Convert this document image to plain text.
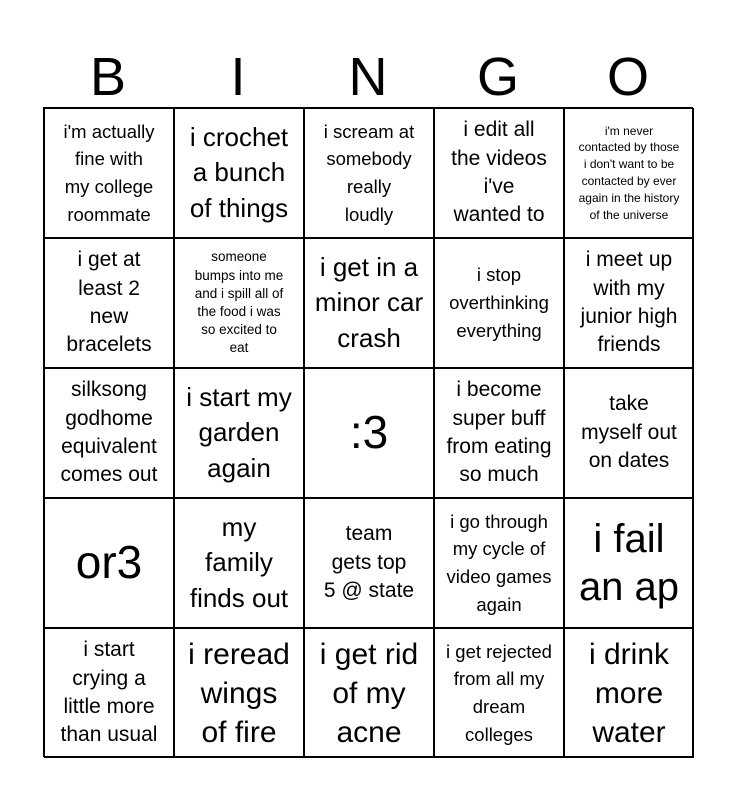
B	I	N	G	O
i'm actually
fine with
my college
roommate
i crochet
a bunch
of things
i scream at
somebody
really
loudly
i edit all
the videos
i've
wanted to
i'm never
contacted by those
i don't want to be
contacted by ever
again in the history
of the universe
i get at
least 2
new
bracelets
someone
bumps into me
and i spill all of
the food i was
so excited to
eat
i get in a
minor car
crash
i stop
overthinking
everything
i meet up
with my
junior high
friends
silksong
godhome
equivalent
comes out
i start my
garden
again
:3
i become
super buff
from eating
so much
take
myself out
on dates
or3
my
family
finds out
team
gets top
5 @ state
i go through
my cycle of
video games
again
i fail
an ap
i start
crying a
little more
than usual
i reread
wings
of fire
i get rid
of my
acne
i get rejected
from all my
dream
colleges
i drink
more
water
